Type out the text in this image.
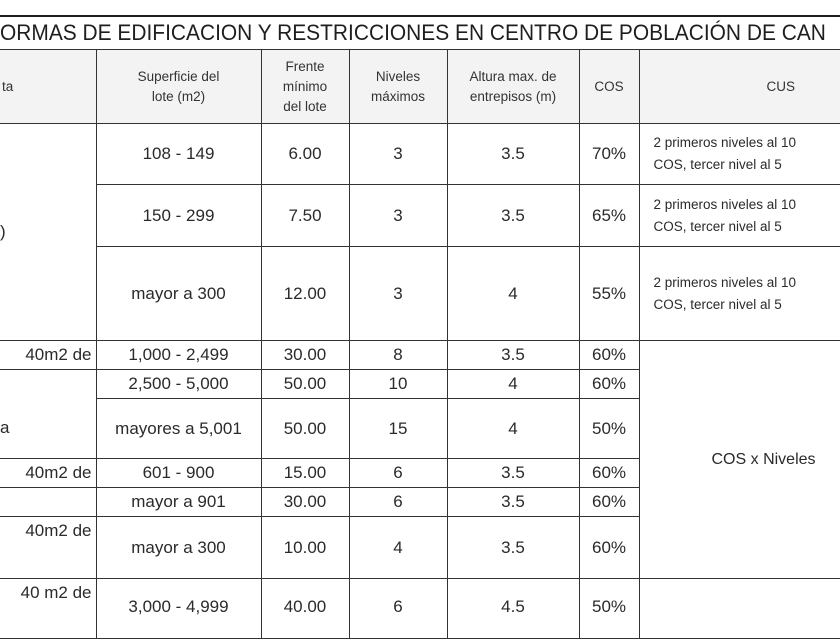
ORMAS DE EDIFICACION Y RESTRICCIONES EN CENTRO DE POBLACIÓN DE CAN
ta	Superficie del lote (m2)	Frente mínimo del lote	Niveles máximos	Altura max. de entrepisos (m)	COS	CUS
)	108 - 149	6.00	3	3.5	70%	2 primeros niveles al 10
COS, tercer nivel al 5
	150 - 299	7.50	3	3.5	65%	2 primeros niveles al 10
COS, tercer nivel al 5
	mayor a 300	12.00	3	4	55%	2 primeros niveles al 10
COS, tercer nivel al 5
40m2 de	1,000 - 2,499	30.00	8	3.5	60%	COS x Niveles
	2,500 - 5,000	50.00	10	4	60%	
a	mayores a 5,001	50.00	15	4	50%	
40m2 de	601 - 900	15.00	6	3.5	60%	
	mayor a 901	30.00	6	3.5	60%	
40m2 de	mayor a 300	10.00	4	3.5	60%	
40 m2 de	3,000 - 4,999	40.00	6	4.5	50%	
